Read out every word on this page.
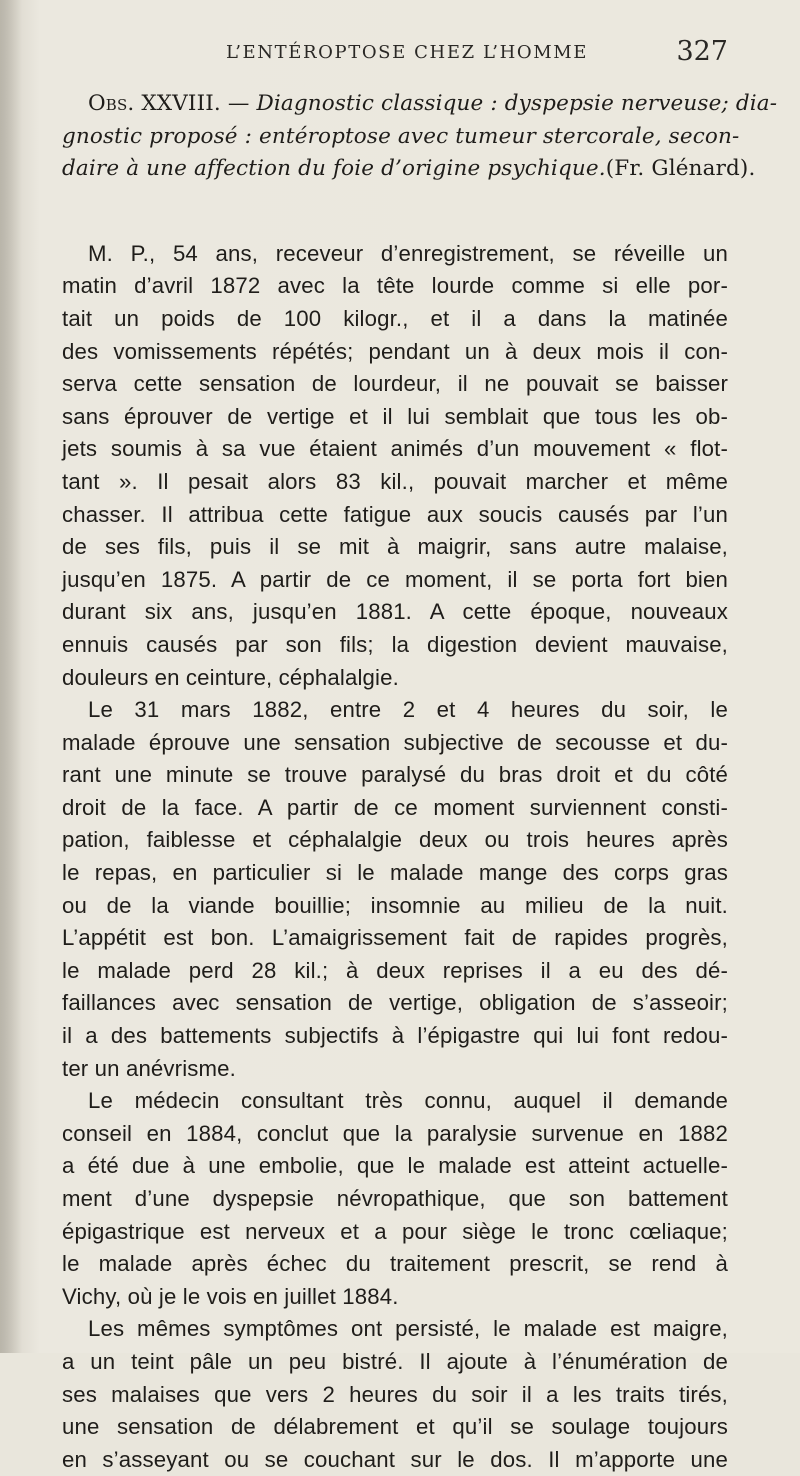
L’ENTÉROPTOSE CHEZ L’HOMME	327
Obs. XXVIII. — Diagnostic classique : dyspepsie nerveuse; dia-
gnostic proposé : entéroptose avec tumeur stercorale, secon-
daire à une affection du foie d’origine psychique.(Fr. Glénard).
M. P., 54 ans, receveur d’enregistrement, se réveille un
matin d’avril 1872 avec la tête lourde comme si elle por-
tait un poids de 100 kilogr., et il a dans la matinée
des vomissements répétés; pendant un à deux mois il con-
serva cette sensation de lourdeur, il ne pouvait se baisser
sans éprouver de vertige et il lui semblait que tous les ob-
jets soumis à sa vue étaient animés d’un mouvement « flot-
tant ». Il pesait alors 83 kil., pouvait marcher et même
chasser. Il attribua cette fatigue aux soucis causés par l’un
de ses fils, puis il se mit à maigrir, sans autre malaise,
jusqu’en 1875. A partir de ce moment, il se porta fort bien
durant six ans, jusqu’en 1881. A cette époque, nouveaux
ennuis causés par son fils; la digestion devient mauvaise,
douleurs en ceinture, céphalalgie.
Le 31 mars 1882, entre 2 et 4 heures du soir, le
malade éprouve une sensation subjective de secousse et du-
rant une minute se trouve paralysé du bras droit et du côté
droit de la face. A partir de ce moment surviennent consti-
pation, faiblesse et céphalalgie deux ou trois heures après
le repas, en particulier si le malade mange des corps gras
ou de la viande bouillie; insomnie au milieu de la nuit.
L’appétit est bon. L’amaigrissement fait de rapides progrès,
le malade perd 28 kil.; à deux reprises il a eu des dé-
faillances avec sensation de vertige, obligation de s’asseoir;
il a des battements subjectifs à l’épigastre qui lui font redou-
ter un anévrisme.
Le médecin consultant très connu, auquel il demande
conseil en 1884, conclut que la paralysie survenue en 1882
a été due à une embolie, que le malade est atteint actuelle-
ment d’une dyspepsie névropathique, que son battement
épigastrique est nerveux et a pour siège le tronc cœliaque;
le malade après échec du traitement prescrit, se rend à
Vichy, où je le vois en juillet 1884.
Les mêmes symptômes ont persisté, le malade est maigre,
a un teint pâle un peu bistré. Il ajoute à l’énumération de
ses malaises que vers 2 heures du soir il a les traits tirés,
une sensation de délabrement et qu’il se soulage toujours
en s’asseyant ou se couchant sur le dos. Il m’apporte une
